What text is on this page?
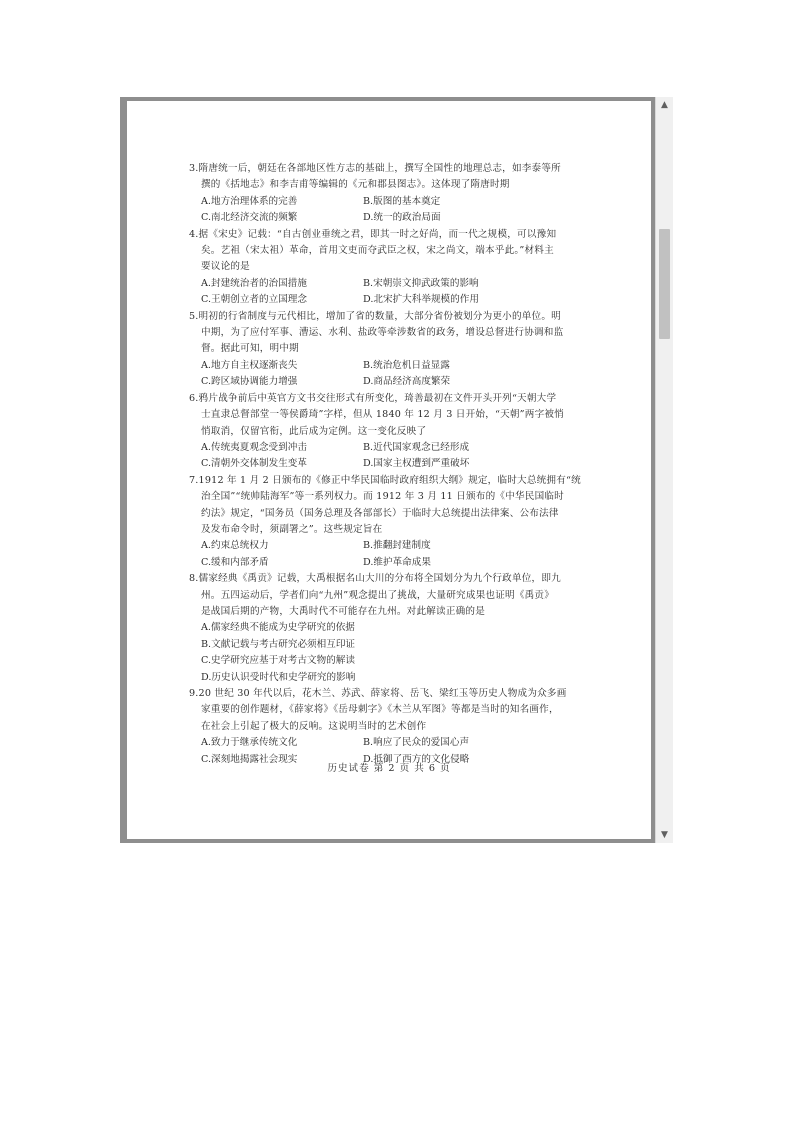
3.隋唐统一后，朝廷在各部地区性方志的基础上，撰写全国性的地理总志，如李泰等所
撰的《括地志》和李吉甫等编辑的《元和郡县图志》。这体现了隋唐时期
A.地方治理体系的完善	B.版图的基本奠定
C.南北经济交流的频繁	D.统一的政治局面
4.据《宋史》记载：“自古创业垂统之君，即其一时之好尚，而一代之规模，可以豫知
矣。艺祖（宋太祖）革命，首用文吏而夺武臣之权，宋之尚文，端本乎此。”材料主
要议论的是
A.封建统治者的治国措施	B.宋朝崇文抑武政策的影响
C.王朝创立者的立国理念	D.北宋扩大科举规模的作用
5.明初的行省制度与元代相比，增加了省的数量，大部分省份被划分为更小的单位。明
中期，为了应付军事、漕运、水利、盐政等牵涉数省的政务，增设总督进行协调和监
督。据此可知，明中期
A.地方自主权逐渐丧失	B.统治危机日益显露
C.跨区域协调能力增强	D.商品经济高度繁荣
6.鸦片战争前后中英官方文书交往形式有所变化，琦善最初在文件开头开列“天朝大学
士直隶总督部堂一等侯爵琦”字样，但从 1840 年 12 月 3 日开始，“天朝”两字被悄
悄取消，仅留官衔，此后成为定例。这一变化反映了
A.传统夷夏观念受到冲击	B.近代国家观念已经形成
C.清朝外交体制发生变革	D.国家主权遭到严重破坏
7.1912 年 1 月 2 日颁布的《修正中华民国临时政府组织大纲》规定，临时大总统拥有“统
治全国”“统帅陆海军”等一系列权力。而 1912 年 3 月 11 日颁布的《中华民国临时
约法》规定，“国务员（国务总理及各部部长）于临时大总统提出法律案、公布法律
及发布命令时，须副署之”。这些规定旨在
A.约束总统权力	B.推翻封建制度
C.缓和内部矛盾	D.维护革命成果
8.儒家经典《禹贡》记载，大禹根据名山大川的分布将全国划分为九个行政单位，即九
州。五四运动后，学者们向“九州”观念提出了挑战，大量研究成果也证明《禹贡》
是战国后期的产物，大禹时代不可能存在九州。对此解读正确的是
A.儒家经典不能成为史学研究的依据
B.文献记载与考古研究必须相互印证
C.史学研究应基于对考古文物的解读
D.历史认识受时代和史学研究的影响
9.20 世纪 30 年代以后，花木兰、苏武、薛家将、岳飞、梁红玉等历史人物成为众多画
家重要的创作题材，《薛家将》《岳母刺字》《木兰从军图》等都是当时的知名画作，
在社会上引起了极大的反响。这说明当时的艺术创作
A.致力于继承传统文化	B.响应了民众的爱国心声
C.深刻地揭露社会现实	D.抵御了西方的文化侵略
历史试卷 第 2 页 共 6 页
▲
▼
